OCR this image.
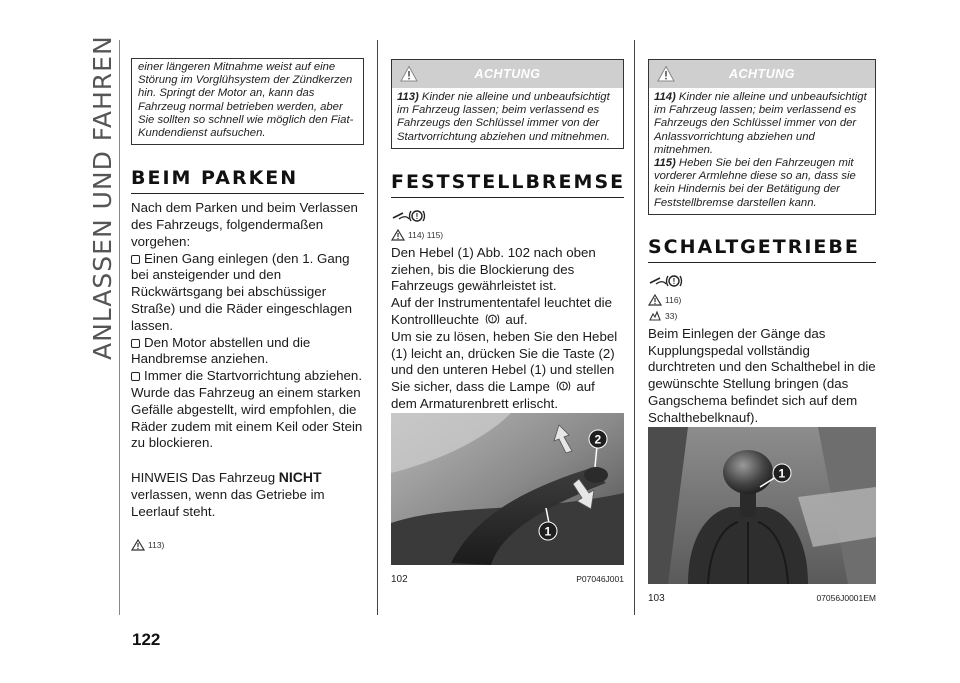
ANLASSEN UND FAHREN	einer längeren Mitnahme weist auf eine Störung im Vorglühsystem der Zündkerzen hin. Springt der Motor an, kann das Fahrzeug normal betrieben werden, aber Sie sollten so schnell wie möglich den Fiat-Kundendienst aufsuchen.
BEIM PARKEN
Nach dem Parken und beim Verlassen des Fahrzeugs, folgendermaßen vorgehen:
Einen Gang einlegen (den 1. Gang bei ansteigender und den Rückwärtsgang bei abschüssiger Straße) und die Räder eingeschlagen lassen.
Den Motor abstellen und die Handbremse anziehen.
Immer die Startvorrichtung abziehen.
Wurde das Fahrzeug an einem starken Gefälle abgestellt, wird empfohlen, die Räder zudem mit einem Keil oder Stein zu blockieren.
HINWEIS Das Fahrzeug NICHT verlassen, wenn das Getriebe im Leerlauf steht.
113)
ACHTUNG
113) Kinder nie alleine und unbeaufsichtigt im Fahrzeug lassen; beim verlassend es Fahrzeugs den Schlüssel immer von der Startvorrichtung abziehen und mitnehmen.
FESTSTELLBREMSE
!
114) 115)
Den Hebel (1) Abb. 102 nach oben ziehen, bis die Blockierung des Fahrzeugs gewährleistet ist.
Auf der Instrumententafel leuchtet die Kontrollleuchte ! auf.
Um sie zu lösen, heben Sie den Hebel (1) leicht an, drücken Sie die Taste (2) und den unteren Hebel (1) und stellen Sie sicher, dass die Lampe ! auf dem Armaturenbrett erlischt.
1
2
102	P07046J001
ACHTUNG
114) Kinder nie alleine und unbeaufsichtigt im Fahrzeug lassen; beim verlassend es Fahrzeugs den Schlüssel immer von der Anlassvorrichtung abziehen und mitnehmen.
115) Heben Sie bei den Fahrzeugen mit vorderer Armlehne diese so an, dass sie kein Hindernis bei der Betätigung der Feststellbremse darstellen kann.
SCHALTGETRIEBE
!
116)
33)
Beim Einlegen der Gänge das Kupplungspedal vollständig durchtreten und den Schalthebel in die gewünschte Stellung bringen (das Gangschema befindet sich auf dem Schalthebelknauf).
1
103	07056J0001EM
122
